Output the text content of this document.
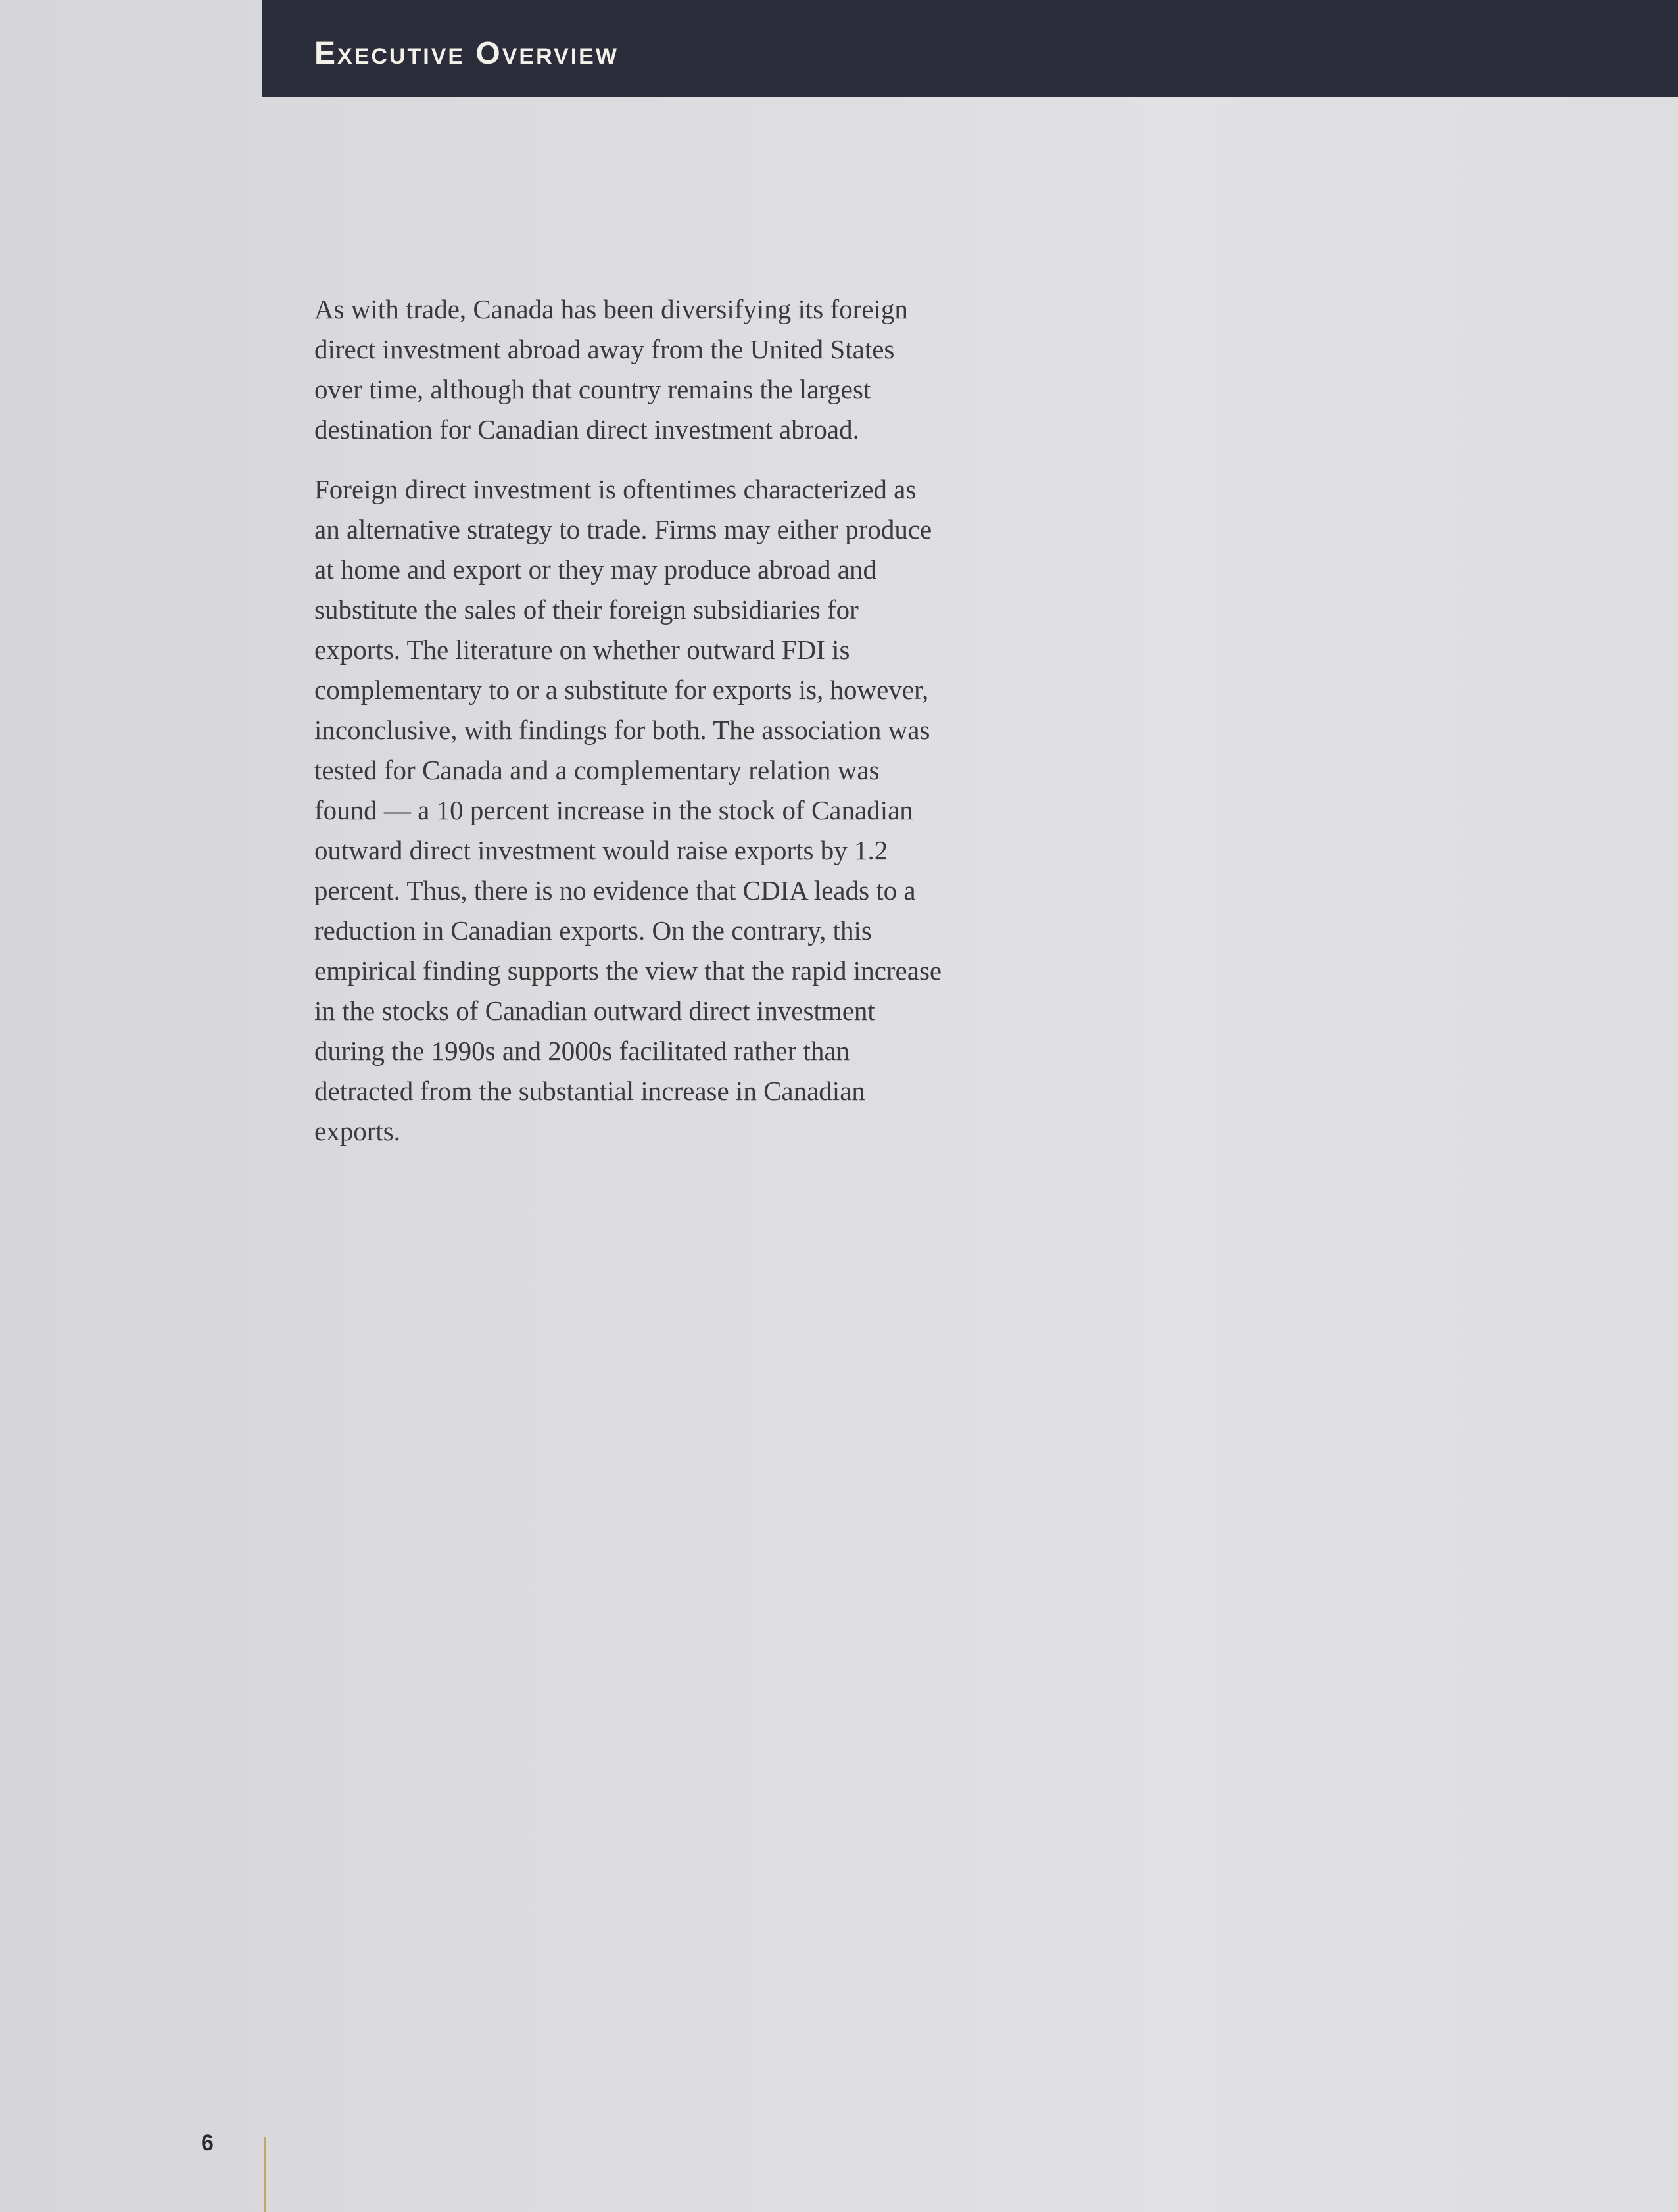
Executive Overview

As with trade, Canada has been diversifying its foreign direct investment abroad away from the United States over time, although that country remains the largest destination for Canadian direct investment abroad.

Foreign direct investment is oftentimes characterized as an alternative strategy to trade. Firms may either produce at home and export or they may produce abroad and substitute the sales of their foreign subsidiaries for exports. The literature on whether outward FDI is complementary to or a substitute for exports is, however, inconclusive, with findings for both. The association was tested for Canada and a complementary relation was found — a 10 percent increase in the stock of Canadian outward direct investment would raise exports by 1.2 percent. Thus, there is no evidence that CDIA leads to a reduction in Canadian exports. On the contrary, this empirical finding supports the view that the rapid increase in the stocks of Canadian outward direct investment during the 1990s and 2000s facilitated rather than detracted from the substantial increase in Canadian exports.

6
